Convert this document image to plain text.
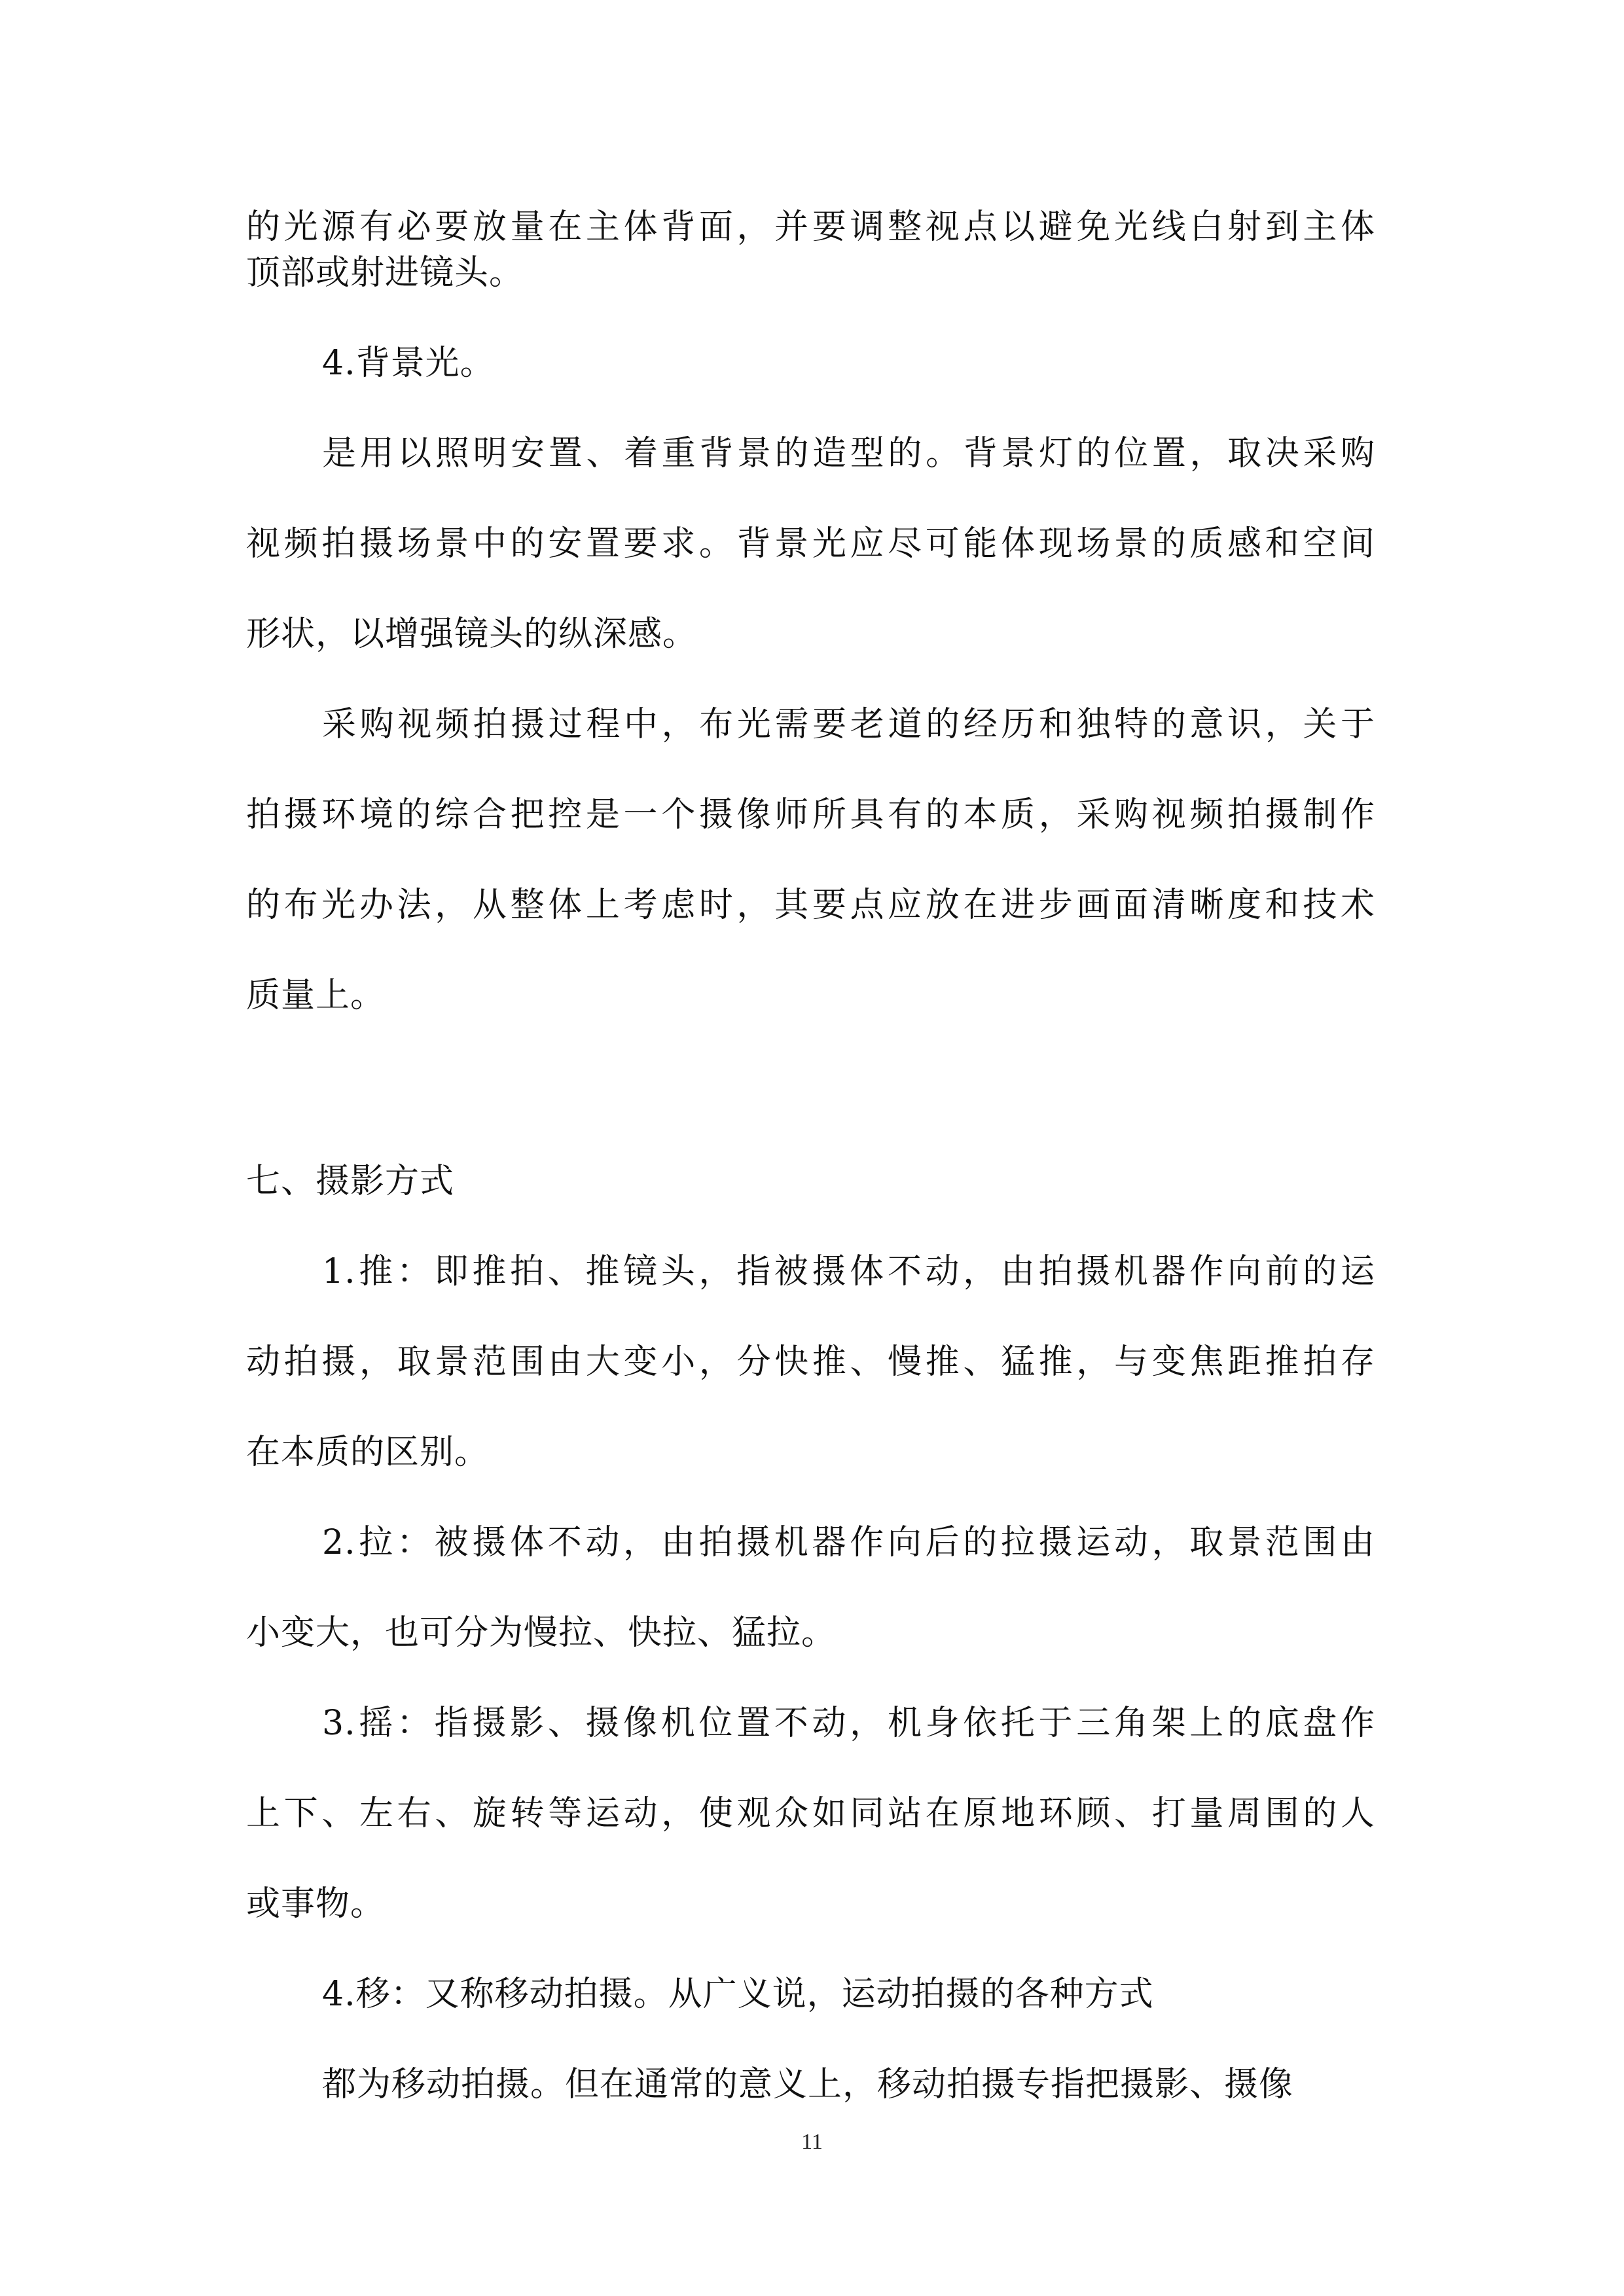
的光源有必要放量在主体背面，并要调整视点以避免光线白射到主体
顶部或射进镜头。
4.背景光。
是用以照明安置、着重背景的造型的。背景灯的位置，取决采购
视频拍摄场景中的安置要求。背景光应尽可能体现场景的质感和空间
形状，以增强镜头的纵深感。
采购视频拍摄过程中，布光需要老道的经历和独特的意识，关于
拍摄环境的综合把控是一个摄像师所具有的本质，采购视频拍摄制作
的布光办法，从整体上考虑时，其要点应放在进步画面清晰度和技术
质量上。
七、摄影方式
1.推：即推拍、推镜头，指被摄体不动，由拍摄机器作向前的运
动拍摄，取景范围由大变小，分快推、慢推、猛推，与变焦距推拍存
在本质的区别。
2.拉：被摄体不动，由拍摄机器作向后的拉摄运动，取景范围由
小变大，也可分为慢拉、快拉、猛拉。
3.摇：指摄影、摄像机位置不动，机身依托于三角架上的底盘作
上下、左右、旋转等运动，使观众如同站在原地环顾、打量周围的人
或事物。
4.移：又称移动拍摄。从广义说，运动拍摄的各种方式
都为移动拍摄。但在通常的意义上，移动拍摄专指把摄影、摄像
11
